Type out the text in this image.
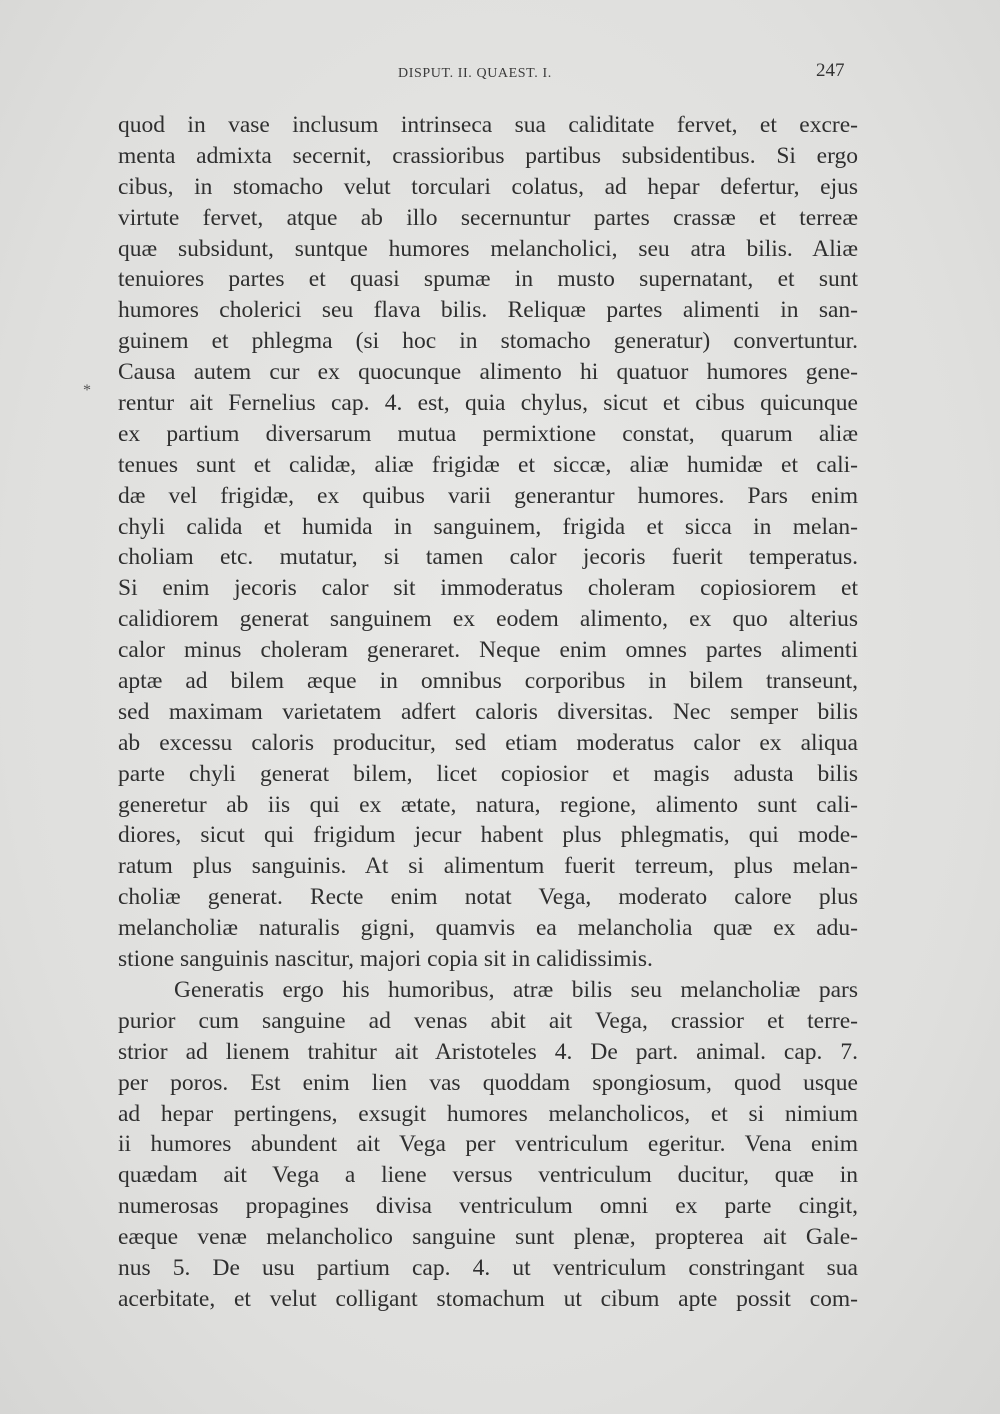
DISPUT. II. QUAEST. I.	247
*
quod in vase inclusum intrinseca sua caliditate fervet, et excre-
menta admixta secernit, crassioribus partibus subsidentibus. Si ergo
cibus, in stomacho velut torculari colatus, ad hepar defertur, ejus
virtute fervet, atque ab illo secernuntur partes crassæ et terreæ
quæ subsidunt, suntque humores melancholici, seu atra bilis. Aliæ
tenuiores partes et quasi spumæ in musto supernatant, et sunt
humores cholerici seu flava bilis. Reliquæ partes alimenti in san-
guinem et phlegma (si hoc in stomacho generatur) convertuntur.
Causa autem cur ex quocunque alimento hi quatuor humores gene-
rentur ait Fernelius cap. 4. est, quia chylus, sicut et cibus quicunque
ex partium diversarum mutua permixtione constat, quarum aliæ
tenues sunt et calidæ, aliæ frigidæ et siccæ, aliæ humidæ et cali-
dæ vel frigidæ, ex quibus varii generantur humores. Pars enim
chyli calida et humida in sanguinem, frigida et sicca in melan-
choliam etc. mutatur, si tamen calor jecoris fuerit temperatus.
Si enim jecoris calor sit immoderatus choleram copiosiorem et
calidiorem generat sanguinem ex eodem alimento, ex quo alterius
calor minus choleram generaret. Neque enim omnes partes alimenti
aptæ ad bilem æque in omnibus corporibus in bilem transeunt,
sed maximam varietatem adfert caloris diversitas. Nec semper bilis
ab excessu caloris producitur, sed etiam moderatus calor ex aliqua
parte chyli generat bilem, licet copiosior et magis adusta bilis
generetur ab iis qui ex ætate, natura, regione, alimento sunt cali-
diores, sicut qui frigidum jecur habent plus phlegmatis, qui mode-
ratum plus sanguinis. At si alimentum fuerit terreum, plus melan-
choliæ generat. Recte enim notat Vega, moderato calore plus
melancholiæ naturalis gigni, quamvis ea melancholia quæ ex adu-
stione sanguinis nascitur, majori copia sit in calidissimis.
Generatis ergo his humoribus, atræ bilis seu melancholiæ pars
purior cum sanguine ad venas abit ait Vega, crassior et terre-
strior ad lienem trahitur ait Aristoteles 4. De part. animal. cap. 7.
per poros. Est enim lien vas quoddam spongiosum, quod usque
ad hepar pertingens, exsugit humores melancholicos, et si nimium
ii humores abundent ait Vega per ventriculum egeritur. Vena enim
quædam ait Vega a liene versus ventriculum ducitur, quæ in
numerosas propagines divisa ventriculum omni ex parte cingit,
eæque venæ melancholico sanguine sunt plenæ, propterea ait Gale-
nus 5. De usu partium cap. 4. ut ventriculum constringant sua
acerbitate, et velut colligant stomachum ut cibum apte possit com-
